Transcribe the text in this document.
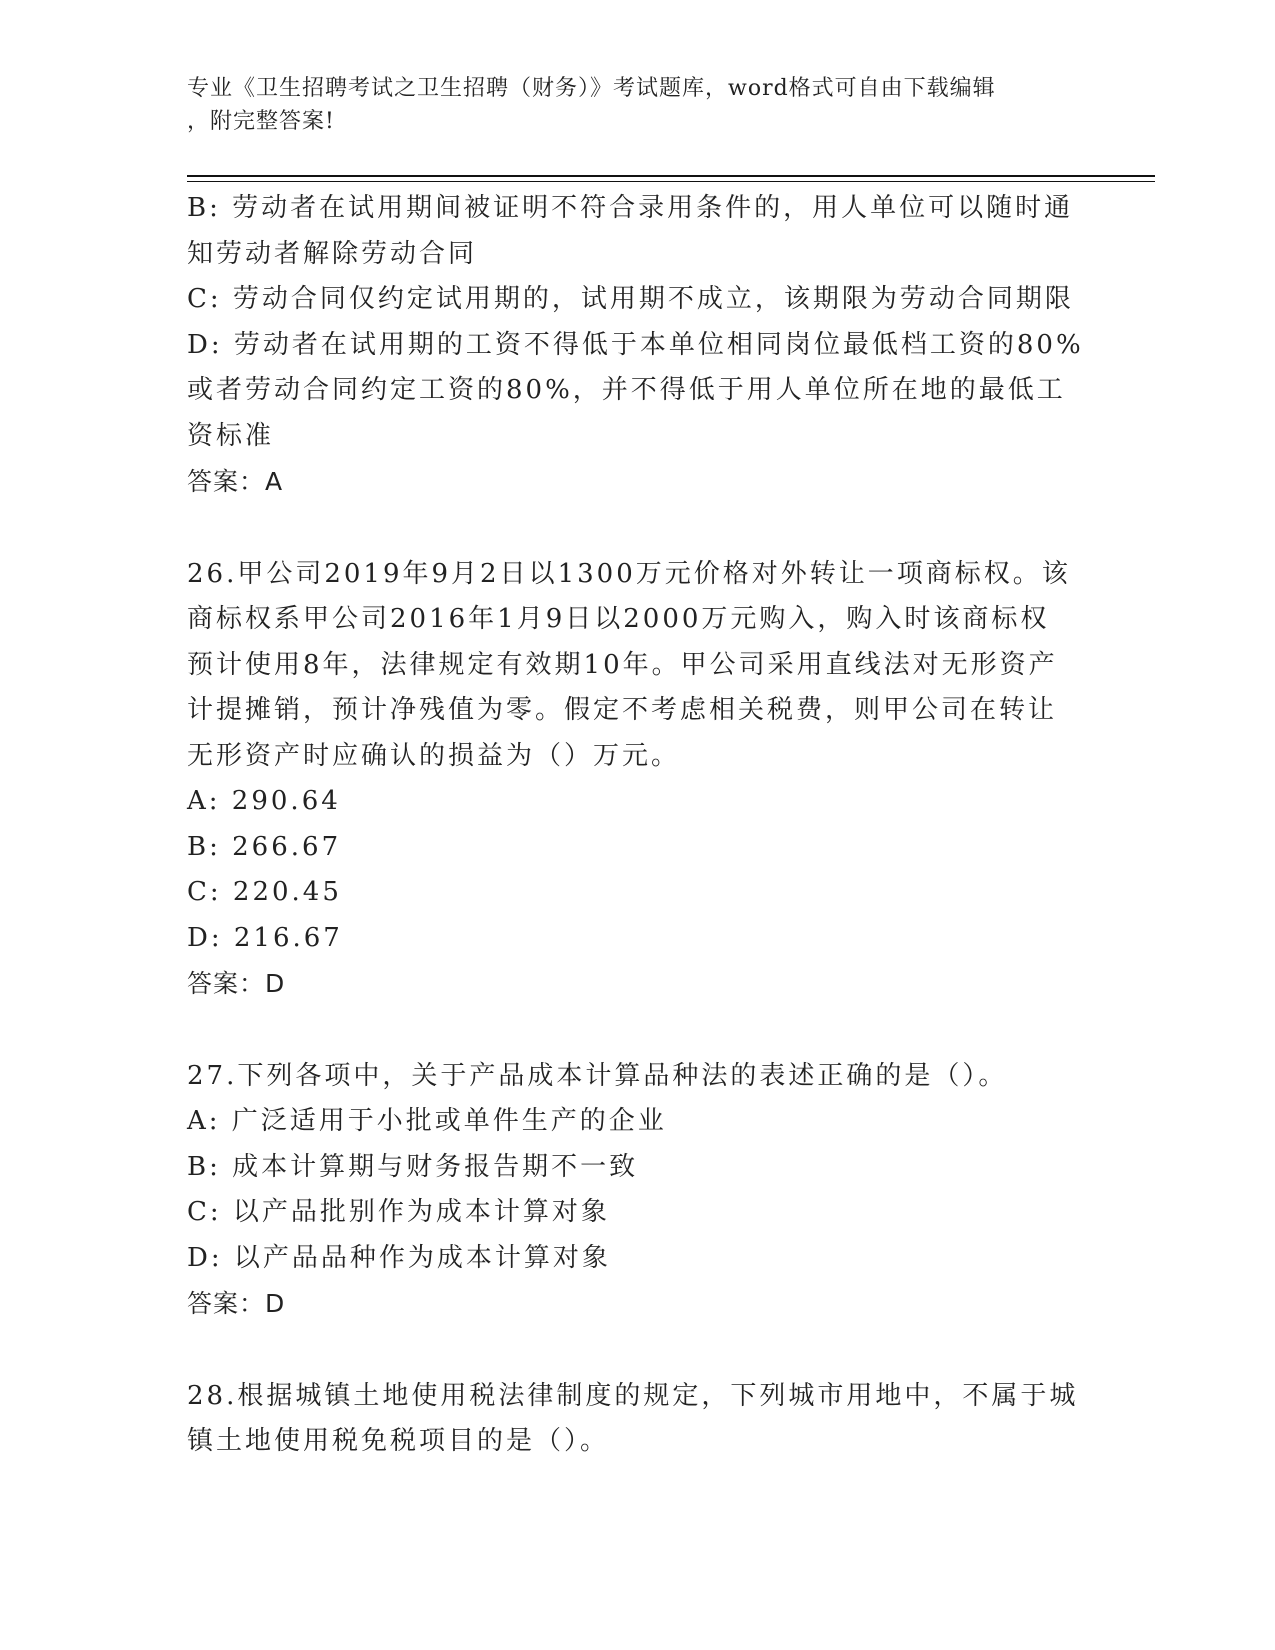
专业《卫生招聘考试之卫生招聘（财务）》考试题库，word格式可自由下载编辑
，附完整答案!

B: 劳动者在试用期间被证明不符合录用条件的，用人单位可以随时通

知劳动者解除劳动合同

C: 劳动合同仅约定试用期的，试用期不成立，该期限为劳动合同期限

D: 劳动者在试用期的工资不得低于本单位相同岗位最低档工资的80%

或者劳动合同约定工资的80%，并不得低于用人单位所在地的最低工

资标准

答案：A

26.甲公司2019年9月2日以1300万元价格对外转让一项商标权。该

商标权系甲公司2016年1月9日以2000万元购入，购入时该商标权

预计使用8年，法律规定有效期10年。甲公司采用直线法对无形资产

计提摊销，预计净残值为零。假定不考虑相关税费，则甲公司在转让

无形资产时应确认的损益为（）万元。

A: 290.64

B: 266.67

C: 220.45

D: 216.67

答案：D

27.下列各项中，关于产品成本计算品种法的表述正确的是（）。

A: 广泛适用于小批或单件生产的企业

B: 成本计算期与财务报告期不一致

C: 以产品批别作为成本计算对象

D: 以产品品种作为成本计算对象

答案：D

28.根据城镇土地使用税法律制度的规定，下列城市用地中，不属于城

镇土地使用税免税项目的是（）。
